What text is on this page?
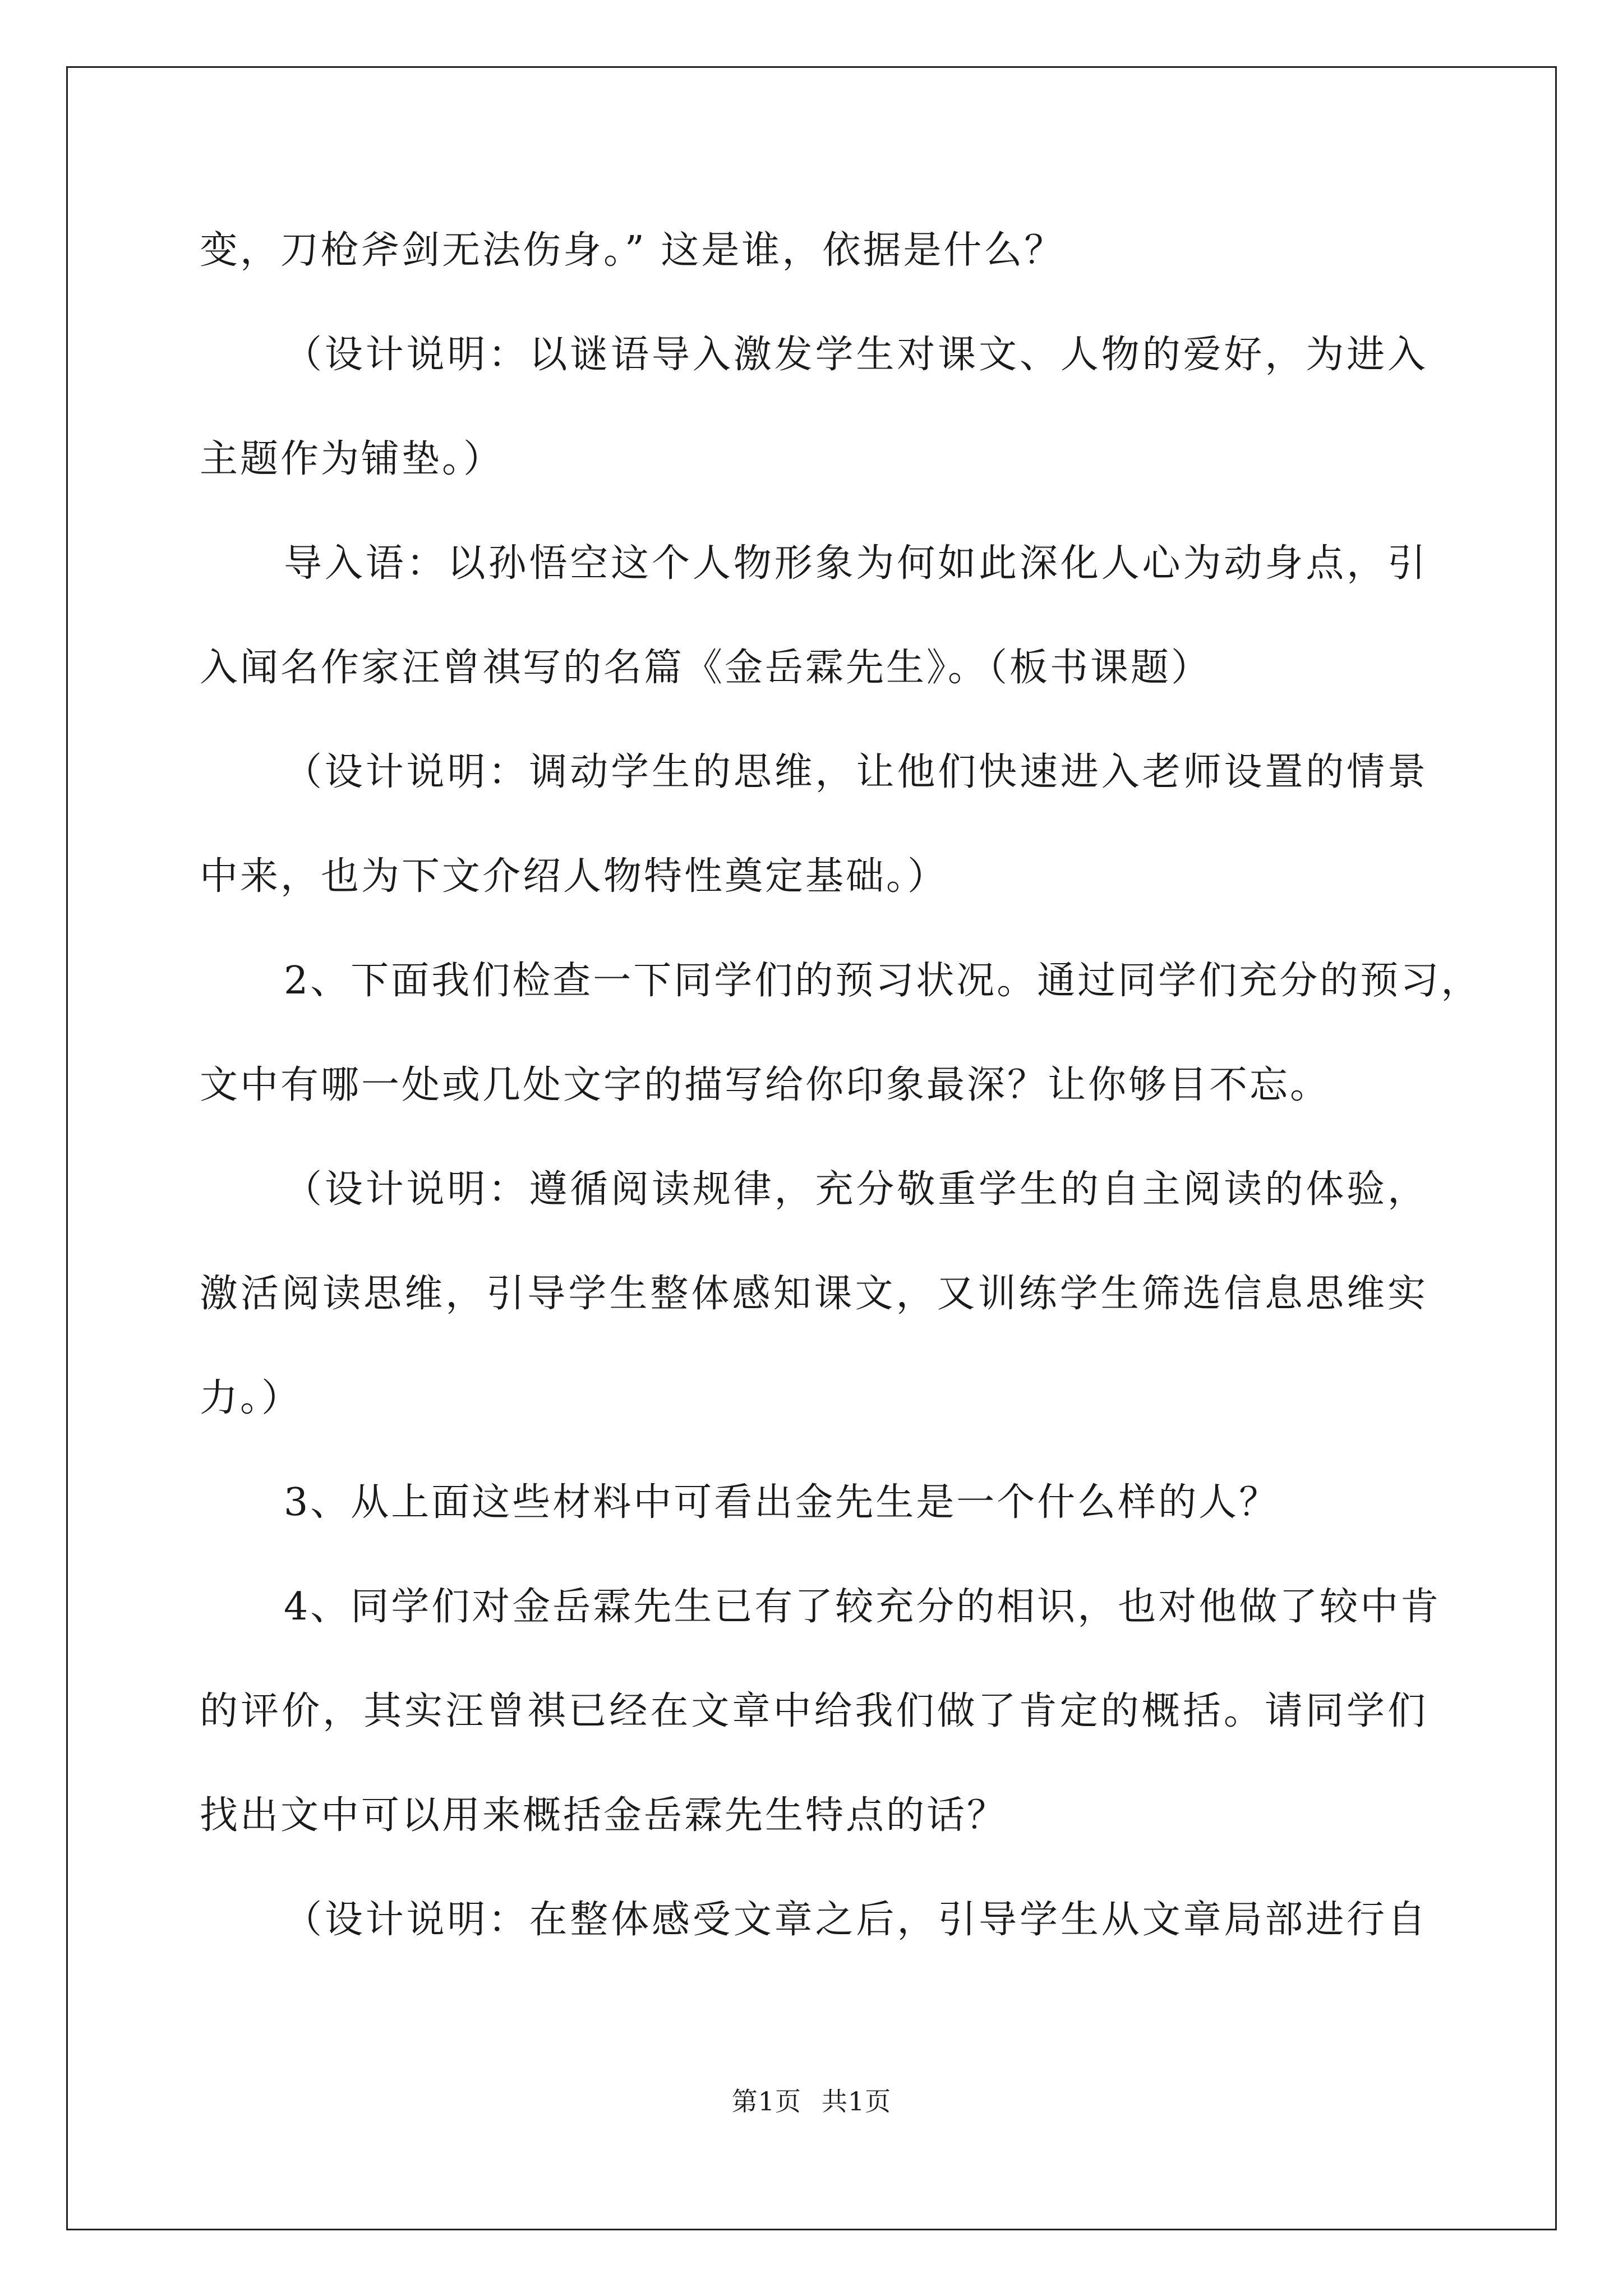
变，刀枪斧剑无法伤身。” 这是谁，依据是什么？
（设计说明：以谜语导入激发学生对课文、人物的爱好，为进入
主题作为铺垫。）
导入语：以孙悟空这个人物形象为何如此深化人心为动身点，引
入闻名作家汪曾祺写的名篇《金岳霖先生》。（板书课题）
（设计说明：调动学生的思维，让他们快速进入老师设置的情景
中来，也为下文介绍人物特性奠定基础。）
2、下面我们检查一下同学们的预习状况。通过同学们充分的预习，
文中有哪一处或几处文字的描写给你印象最深？让你够目不忘。
（设计说明：遵循阅读规律，充分敬重学生的自主阅读的体验，
激活阅读思维，引导学生整体感知课文，又训练学生筛选信息思维实
力。）
3、从上面这些材料中可看出金先生是一个什么样的人？
4、同学们对金岳霖先生已有了较充分的相识，也对他做了较中肯
的评价，其实汪曾祺已经在文章中给我们做了肯定的概括。请同学们
找出文中可以用来概括金岳霖先生特点的话？
（设计说明：在整体感受文章之后，引导学生从文章局部进行自
第1页 共1页
